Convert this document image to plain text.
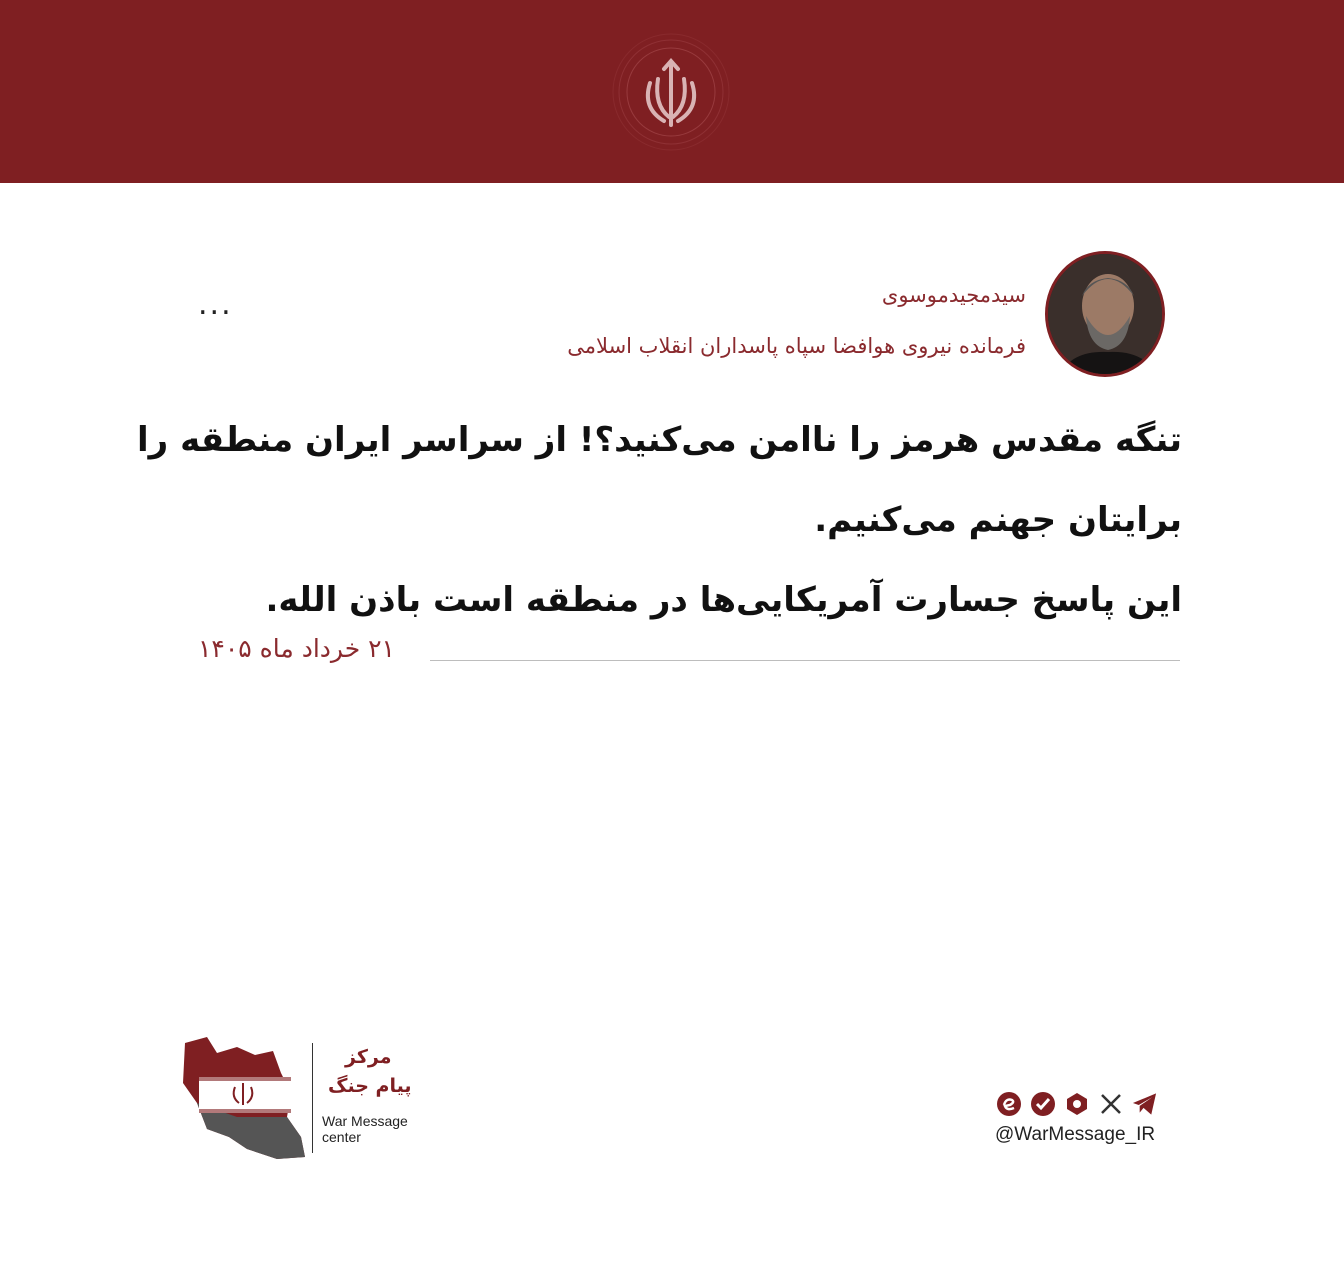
سیدمجیدموسوی
فرمانده نیروی هوافضا سپاه پاسداران انقلاب اسلامی
...

تنگه مقدس هرمز را ناامن می‌کنید؟! از سراسر ایران منطقه را

برایتان جهنم می‌کنیم.

این پاسخ جسارت آمریکایی‌ها در منطقه است باذن الله.

۲۱ خرداد ماه ۱۴۰۵
مرکز
پیام جنگ
War Message
center	@WarMessage_IR
